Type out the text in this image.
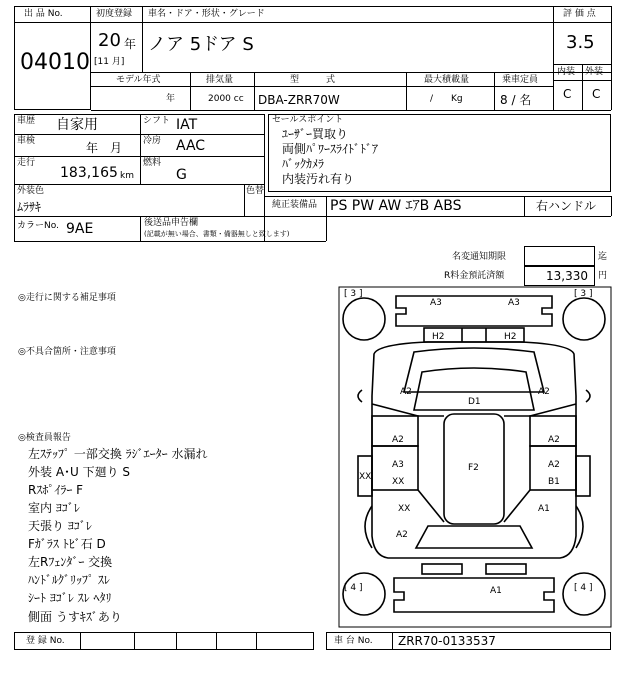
出 品 No.
04010
初度登録
20 年
[11 月]
車名・ドア・形状・グレード
ノア 5ドア S
評 価 点
3.5
内装 外装
C C
モデル年式
年
排気量
2000 cc
型　　　式
DBA-ZRR70W
最大積載量
/　　Kg
乗車定員
8 / 名
車歴 自家用	シフト IAT
車検	年　月 冷房 AAC
走行
183,165 km
燃料
G
外装色
ﾑﾗｻｷ
色替
カラーNo. 9AE	後送品申告欄
(記載が無い場合、書類・備器無しと致します)
セールスポイント
ﾕｰｻﾞｰ買取り
両側ﾊﾟﾜｰｽﾗｲﾄﾞﾄﾞｱ
ﾊﾞｯｸｶﾒﾗ
内装汚れ有り
純正装備品 PS PW AW ｴｱB ABS	右ハンドル
名変通知期限	迄
R料金預託済額	13,330 円
◎走行に関する補足事項
◎不具合箇所・注意事項
◎検査員報告
左ｽﾃｯﾌﾟ 一部交換 ﾗｼﾞｴｰﾀｰ 水漏れ
外装 A･U 下廻り S
Rｽﾎﾟｲﾗｰ F
室内 ﾖｺﾞﾚ
天張り ﾖｺﾞﾚ
Fｶﾞﾗｽ ﾄﾋﾞ石 D
左Rﾌｪﾝﾀﾞｰ 交換
ﾊﾝﾄﾞﾙｸﾞﾘｯﾌﾟ ｽﾚ
ｼｰﾄ ﾖｺﾞﾚ ｽﾚ ﾍﾀﾘ
側面 うすｷｽﾞあり
[ 3 ]	[ 3 ]
[ 4 ]	[ 4 ]
A3	A3
H2	H2
A2	A2
D1
A2	A2
A3
XX
XX
F2	A2
B1
XX	A1
A2
A1
登 録 No.	車 台 No. ZRR70-0133537
